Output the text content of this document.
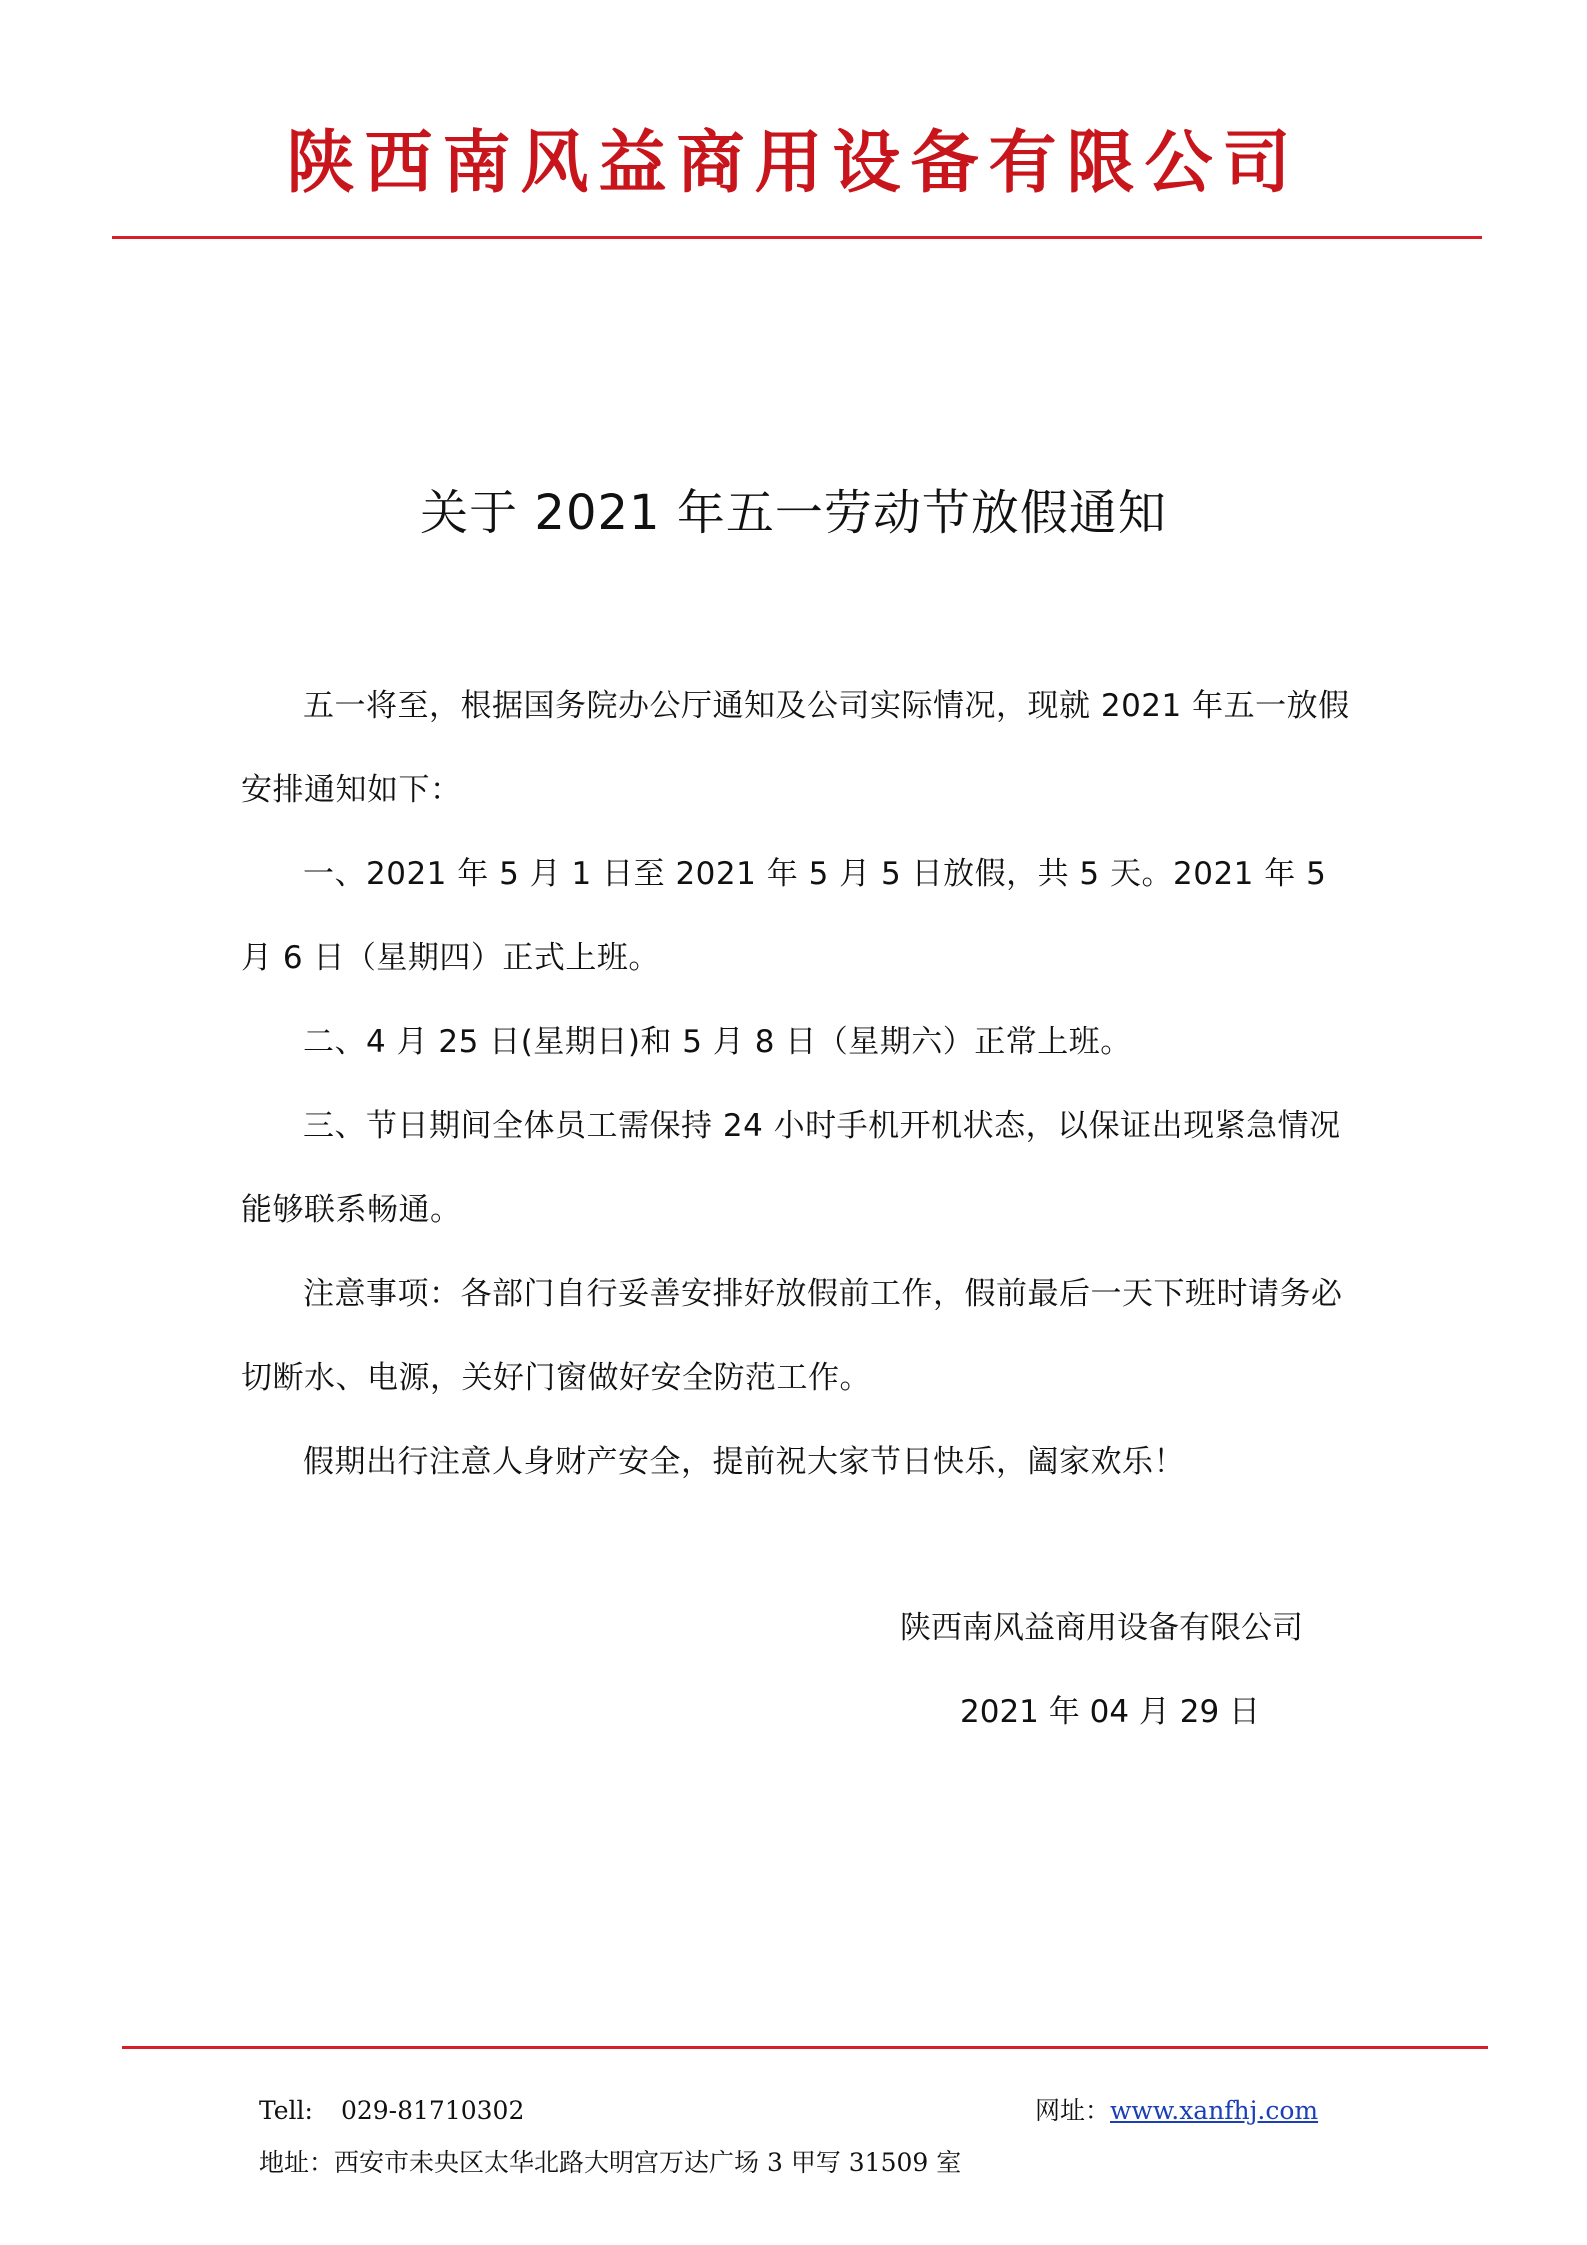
陕西南风益商用设备有限公司
关于 2021 年五一劳动节放假通知

五一将至，根据国务院办公厅通知及公司实际情况，现就 2021 年五一放假安排通知如下：

一、2021 年 5 月 1 日至 2021 年 5 月 5 日放假，共 5 天。2021 年 5 月 6 日（星期四）正式上班。

二、4 月 25 日(星期日)和 5 月 8 日（星期六）正常上班。

三、节日期间全体员工需保持 24 小时手机开机状态，以保证出现紧急情况能够联系畅通。

注意事项：各部门自行妥善安排好放假前工作，假前最后一天下班时请务必切断水、电源，关好门窗做好安全防范工作。

假期出行注意人身财产安全，提前祝大家节日快乐，阖家欢乐！

陕西南风益商用设备有限公司
2021 年 04 月 29 日
Tell: 029-81710302	网址：www.xanfhj.com
地址：西安市未央区太华北路大明宫万达广场 3 甲写 31509 室
